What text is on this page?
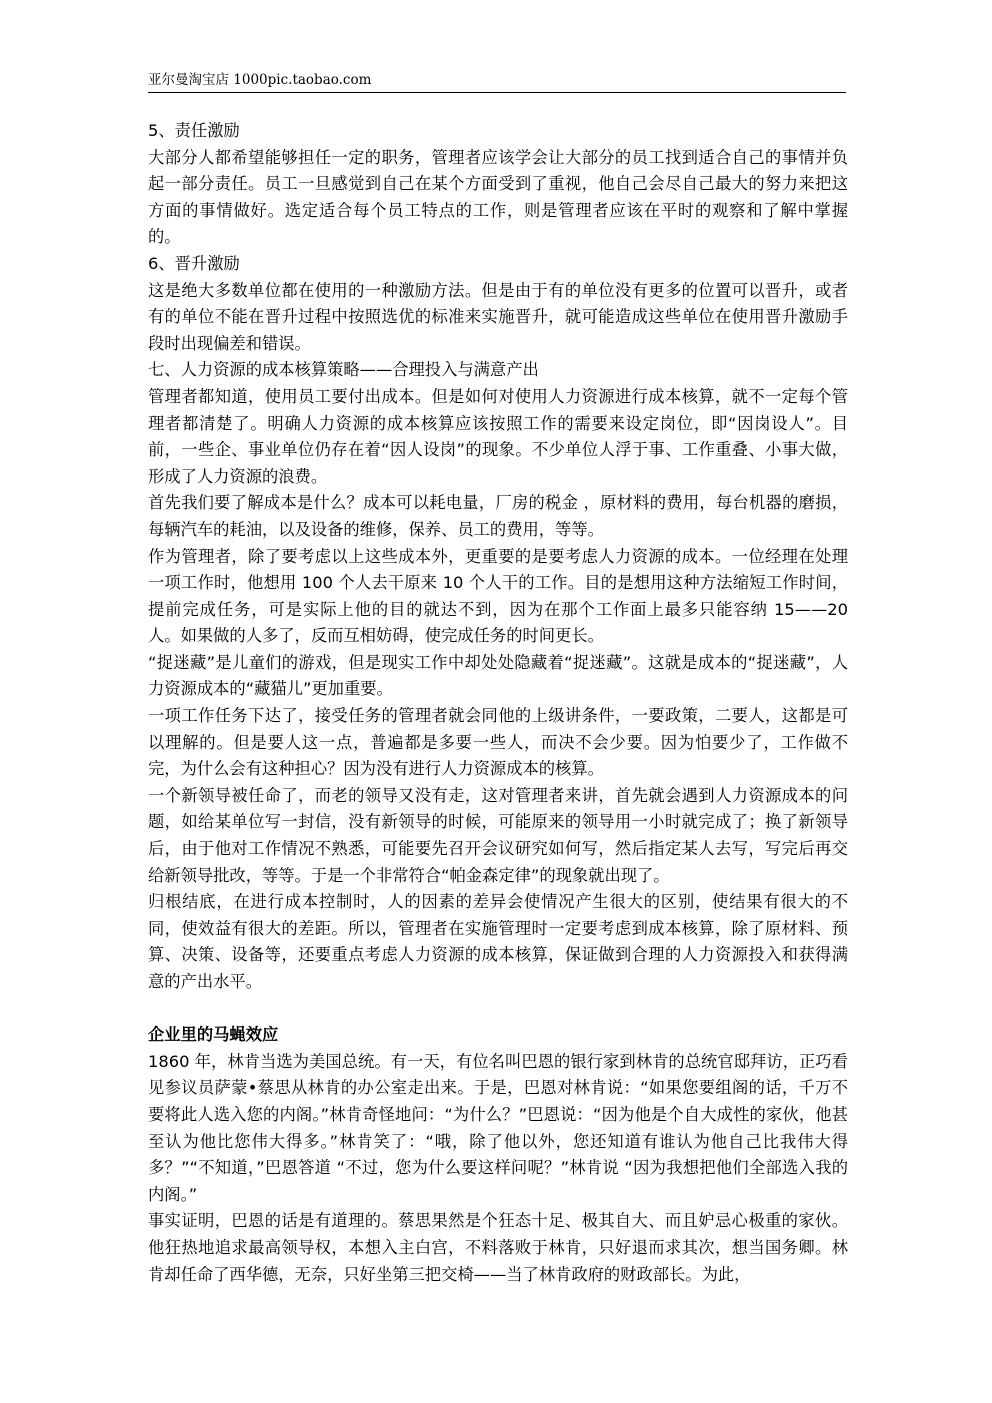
亚尔曼淘宝店 1000pic.taobao.com

5、责任激励

大部分人都希望能够担任一定的职务，管理者应该学会让大部分的员工找到适合自己的事情并负起一部分责任。员工一旦感觉到自己在某个方面受到了重视，他自己会尽自己最大的努力来把这方面的事情做好。选定适合每个员工特点的工作，则是管理者应该在平时的观察和了解中掌握的。

6、晋升激励

这是绝大多数单位都在使用的一种激励方法。但是由于有的单位没有更多的位置可以晋升，或者有的单位不能在晋升过程中按照选优的标准来实施晋升，就可能造成这些单位在使用晋升激励手段时出现偏差和错误。

七、人力资源的成本核算策略——合理投入与满意产出

管理者都知道，使用员工要付出成本。但是如何对使用人力资源进行成本核算，就不一定每个管理者都清楚了。明确人力资源的成本核算应该按照工作的需要来设定岗位，即“因岗设人”。目前，一些企、事业单位仍存在着“因人设岗”的现象。不少单位人浮于事、工作重叠、小事大做，形成了人力资源的浪费。

首先我们要了解成本是什么？成本可以耗电量，厂房的税金 ，原材料的费用，每台机器的磨损，每辆汽车的耗油，以及设备的维修，保养、员工的费用，等等。

作为管理者，除了要考虑以上这些成本外，更重要的是要考虑人力资源的成本。一位经理在处理一项工作时，他想用 100 个人去干原来 10 个人干的工作。目的是想用这种方法缩短工作时间，提前完成任务，可是实际上他的目的就达不到，因为在那个工作面上最多只能容纳 15——20 人。如果做的人多了，反而互相妨碍，使完成任务的时间更长。

“捉迷藏”是儿童们的游戏，但是现实工作中却处处隐藏着“捉迷藏”。这就是成本的“捉迷藏”，人力资源成本的“藏猫儿”更加重要。

一项工作任务下达了，接受任务的管理者就会同他的上级讲条件，一要政策，二要人，这都是可以理解的。但是要人这一点，普遍都是多要一些人，而决不会少要。因为怕要少了，工作做不完，为什么会有这种担心？因为没有进行人力资源成本的核算。

一个新领导被任命了，而老的领导又没有走，这对管理者来讲，首先就会遇到人力资源成本的问题，如给某单位写一封信，没有新领导的时候，可能原来的领导用一小时就完成了；换了新领导后，由于他对工作情况不熟悉，可能要先召开会议研究如何写，然后指定某人去写，写完后再交给新领导批改，等等。于是一个非常符合“帕金森定律”的现象就出现了。

归根结底，在进行成本控制时，人的因素的差异会使情况产生很大的区别，使结果有很大的不同，使效益有很大的差距。所以，管理者在实施管理时一定要考虑到成本核算，除了原材料、预算、决策、设备等，还要重点考虑人力资源的成本核算，保证做到合理的人力资源投入和获得满意的产出水平。

企业里的马蝇效应

1860 年，林肯当选为美国总统。有一天，有位名叫巴恩的银行家到林肯的总统官邸拜访，正巧看见参议员萨蒙•蔡思从林肯的办公室走出来。于是，巴恩对林肯说：“如果您要组阁的话，千万不要将此人选入您的内阁。”林肯奇怪地问：“为什么？”巴恩说：“因为他是个自大成性的家伙，他甚至认为他比您伟大得多。”林肯笑了：“哦，除了他以外，您还知道有谁认为他自己比我伟大得多？”“不知道，”巴恩答道 “不过，您为什么要这样问呢？”林肯说 “因为我想把他们全部选入我的内阁。”

事实证明，巴恩的话是有道理的。蔡思果然是个狂态十足、极其自大、而且妒忌心极重的家伙。他狂热地追求最高领导权，本想入主白宫，不料落败于林肯，只好退而求其次，想当国务卿。林肯却任命了西华德，无奈，只好坐第三把交椅——当了林肯政府的财政部长。为此，
